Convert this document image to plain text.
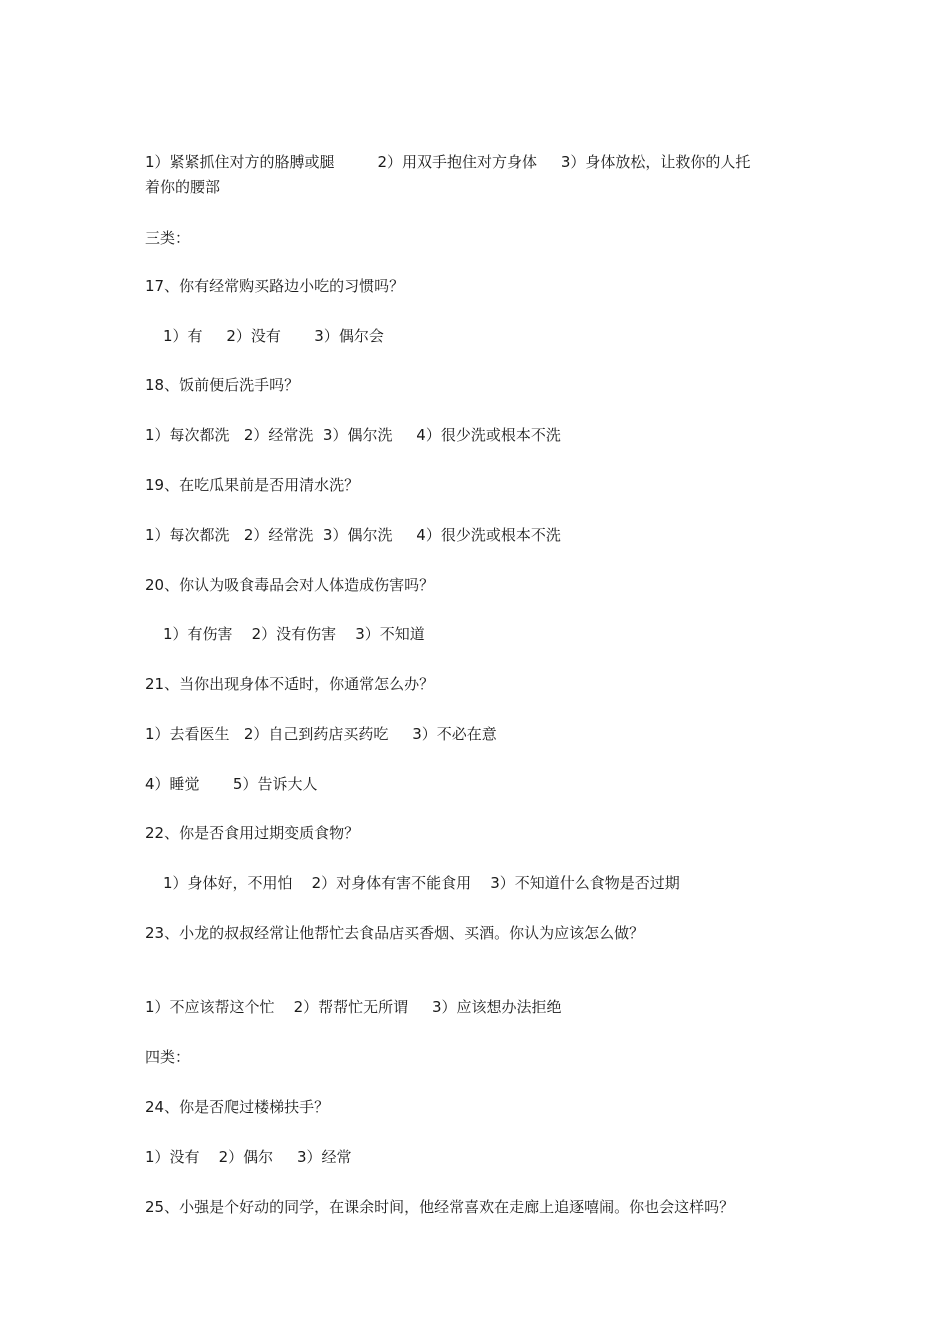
1）紧紧抓住对方的胳膊或腿         2）用双手抱住对方身体     3）身体放松，让救你的人托
着你的腰部
三类：
17、你有经常购买路边小吃的习惯吗？
1）有     2）没有       3）偶尔会
18、饭前便后洗手吗？
1）每次都洗   2）经常洗  3）偶尔洗     4）很少洗或根本不洗
19、在吃瓜果前是否用清水洗？
1）每次都洗   2）经常洗  3）偶尔洗     4）很少洗或根本不洗
20、你认为吸食毒品会对人体造成伤害吗？
1）有伤害    2）没有伤害    3）不知道
21、当你出现身体不适时，你通常怎么办？
1）去看医生   2）自己到药店买药吃     3）不必在意
4）睡觉       5）告诉大人
22、你是否食用过期变质食物？
1）身体好，不用怕    2）对身体有害不能食用    3）不知道什么食物是否过期
23、小龙的叔叔经常让他帮忙去食品店买香烟、买酒。你认为应该怎么做？
1）不应该帮这个忙    2）帮帮忙无所谓     3）应该想办法拒绝
四类：
24、你是否爬过楼梯扶手？
1）没有    2）偶尔     3）经常
25、小强是个好动的同学，在课余时间，他经常喜欢在走廊上追逐嘻闹。你也会这样吗？
